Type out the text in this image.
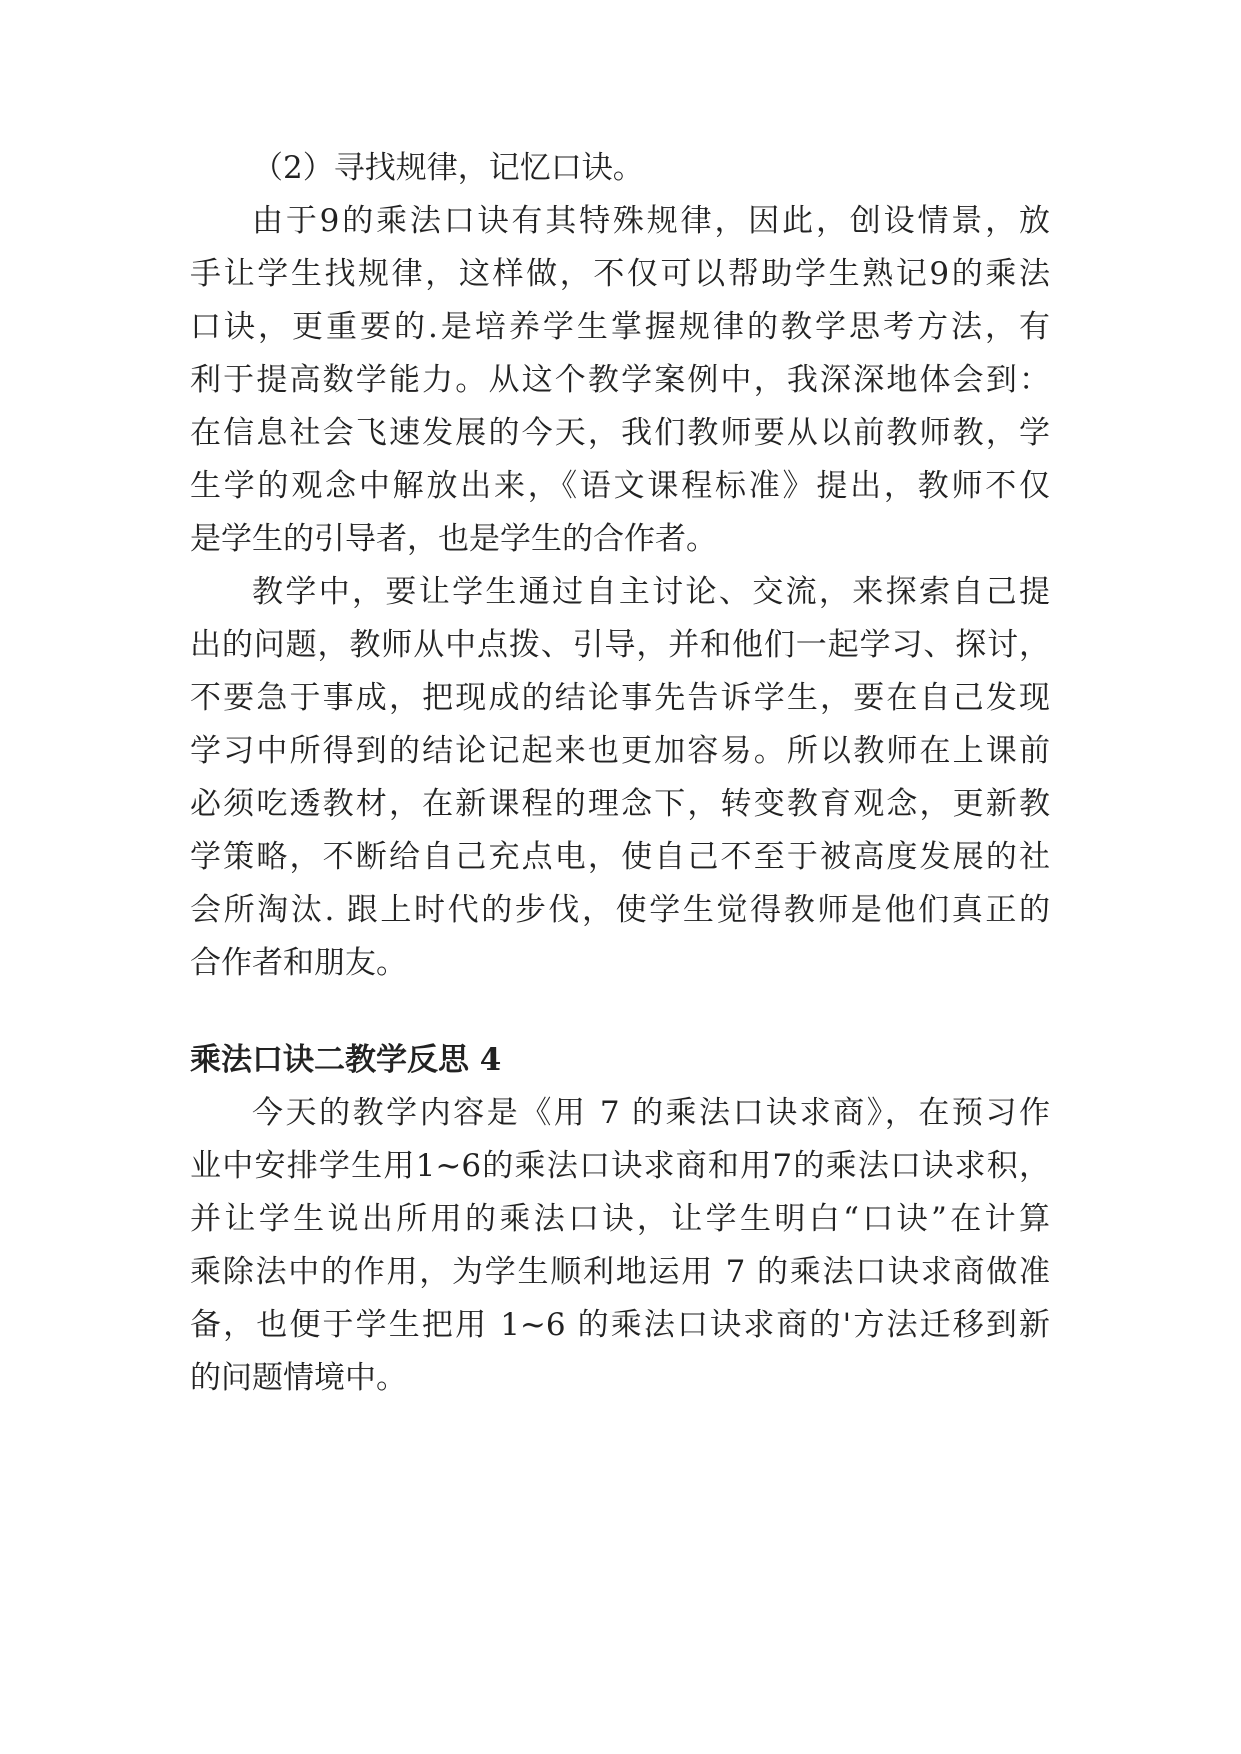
（2）寻找规律，记忆口诀。

由于9的乘法口诀有其特殊规律，因此，创设情景，放

手让学生找规律，这样做，不仅可以帮助学生熟记9的乘法

口诀，更重要的.是培养学生掌握规律的教学思考方法，有

利于提高数学能力。从这个教学案例中，我深深地体会到：

在信息社会飞速发展的今天，我们教师要从以前教师教，学

生学的观念中解放出来，《语文课程标准》提出，教师不仅

是学生的引导者，也是学生的合作者。

教学中，要让学生通过自主讨论、交流，来探索自己提

出的问题，教师从中点拨、引导，并和他们一起学习、探讨，

不要急于事成，把现成的结论事先告诉学生，要在自己发现

学习中所得到的结论记起来也更加容易。所以教师在上课前

必须吃透教材，在新课程的理念下，转变教育观念，更新教

学策略，不断给自己充点电，使自己不至于被高度发展的社

会所淘汰. 跟上时代的步伐，使学生觉得教师是他们真正的

合作者和朋友。

乘法口诀二教学反思 4

今天的教学内容是《用 7 的乘法口诀求商》，在预习作

业中安排学生用1~6的乘法口诀求商和用7的乘法口诀求积，

并让学生说出所用的乘法口诀，让学生明白“口诀”在计算

乘除法中的作用，为学生顺利地运用 7 的乘法口诀求商做准

备，也便于学生把用 1~6 的乘法口诀求商的'方法迁移到新

的问题情境中。
